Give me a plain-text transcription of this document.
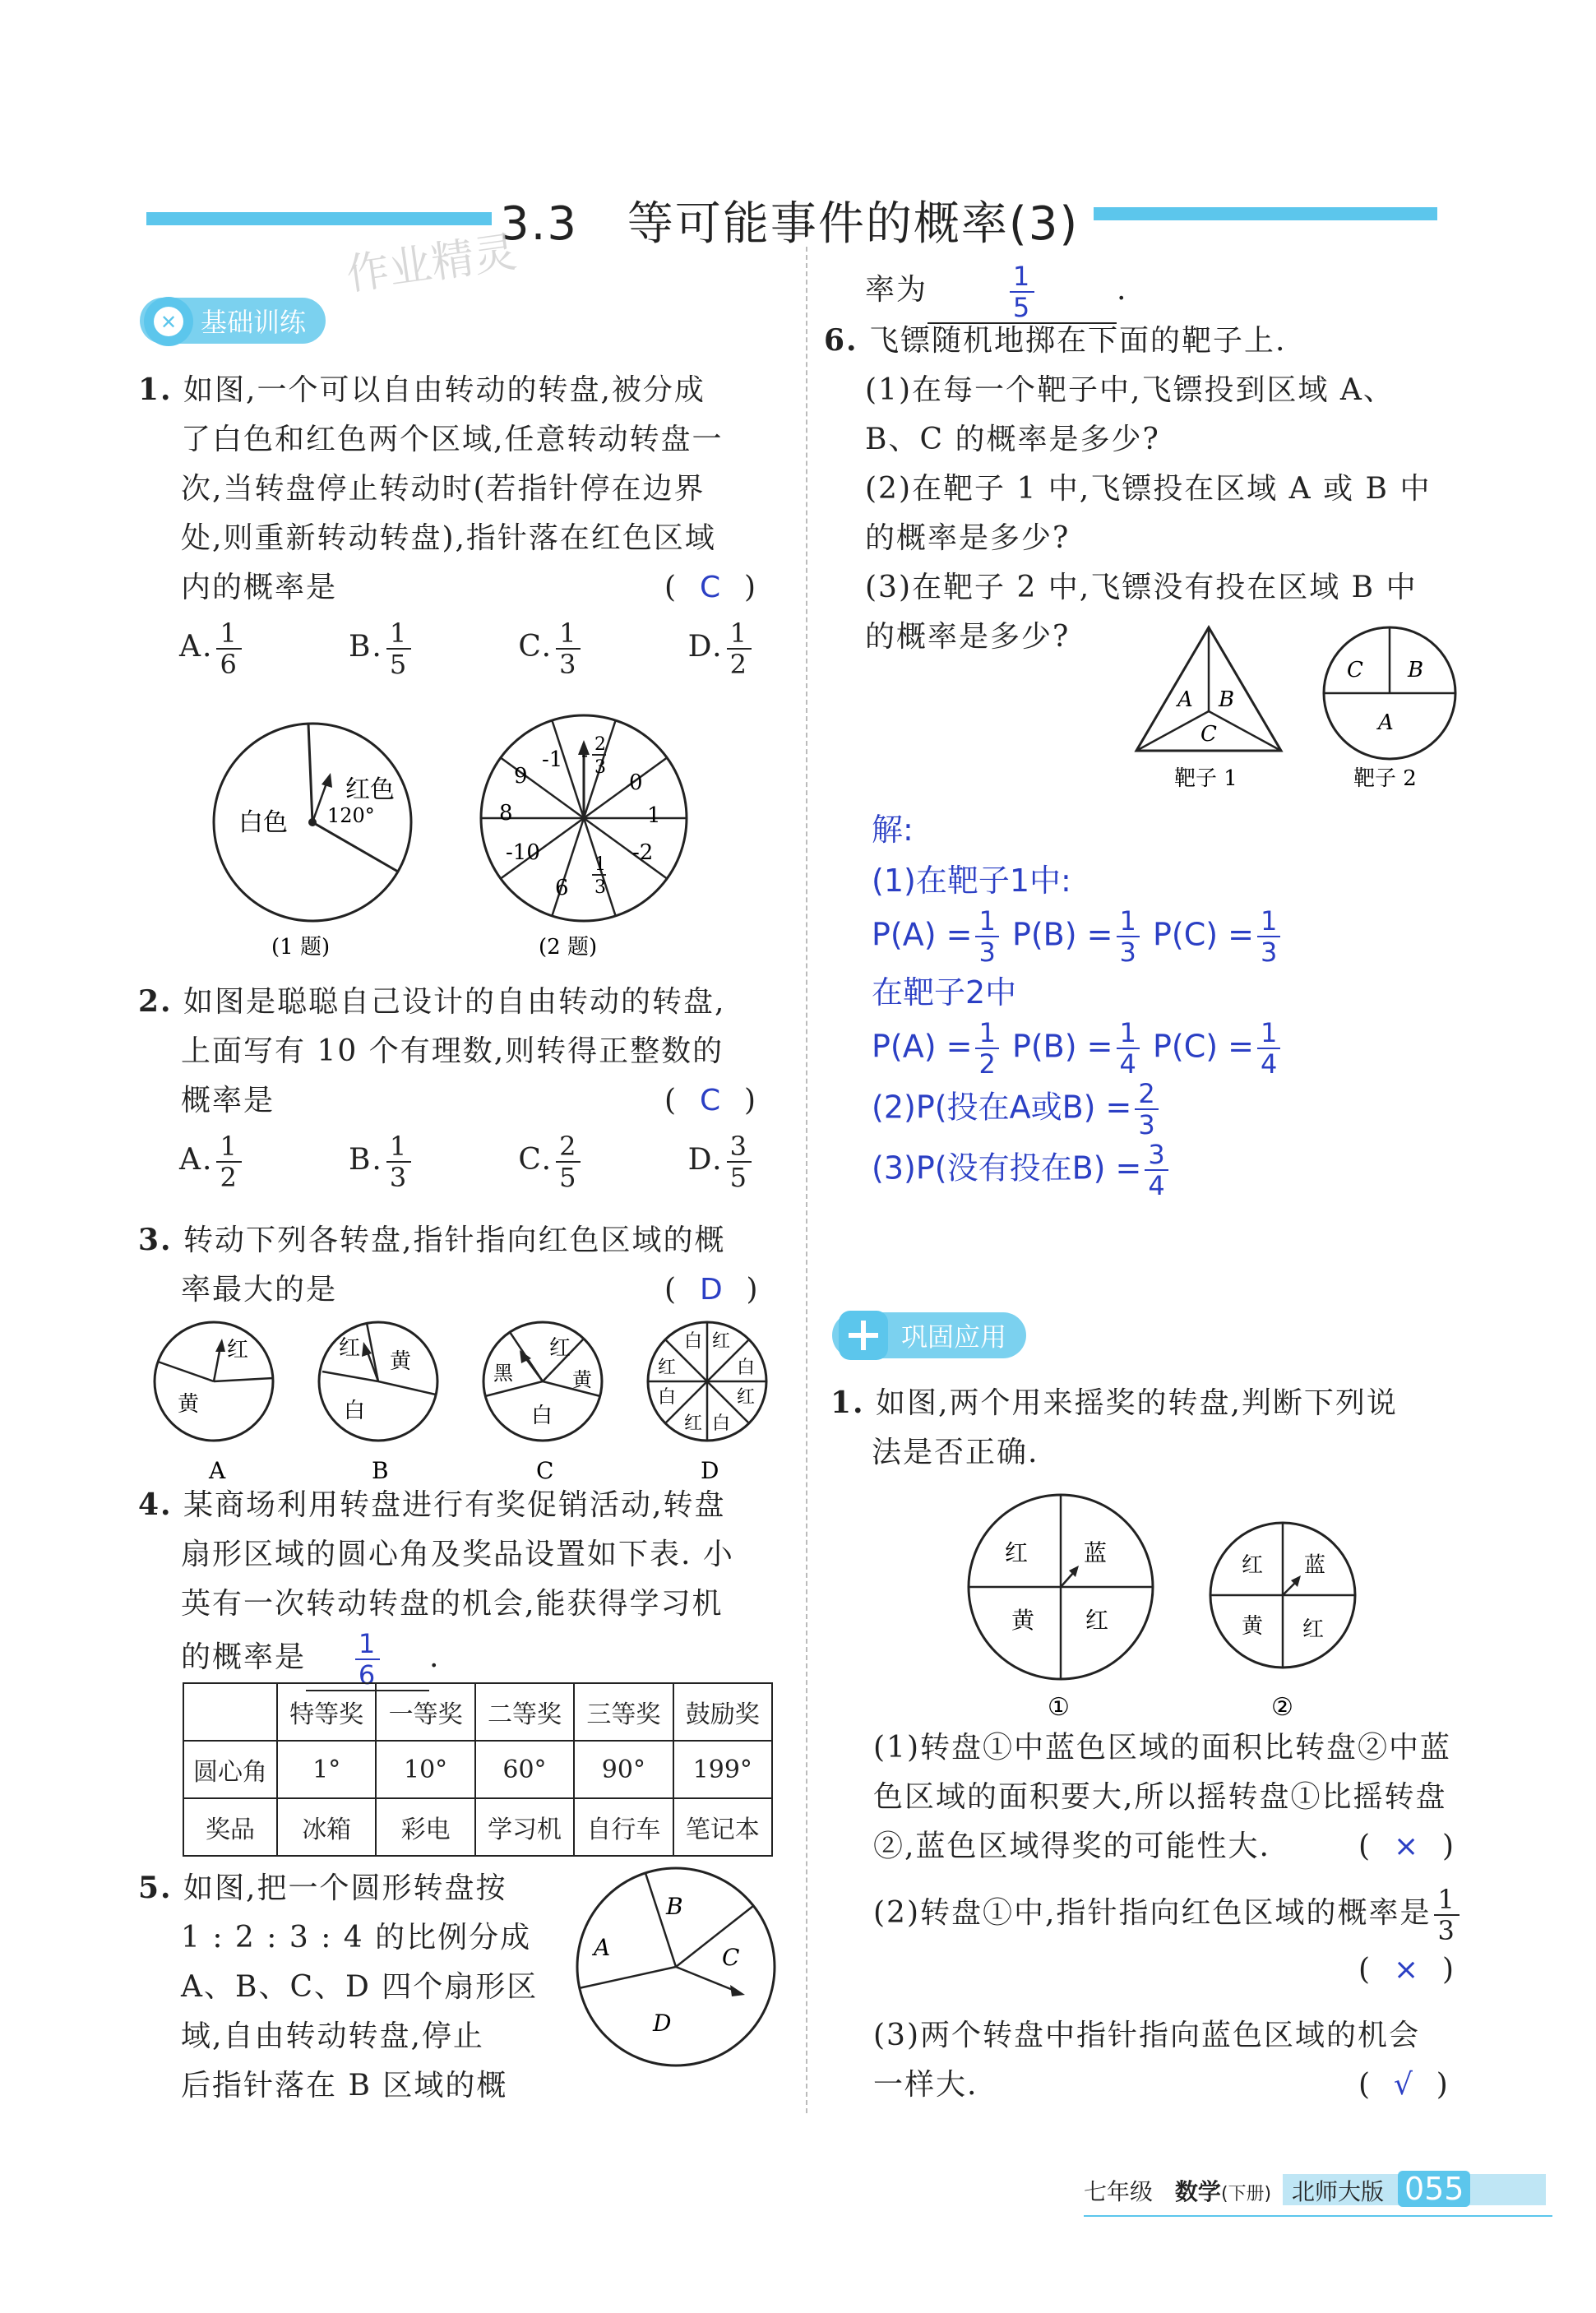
3.3 等可能事件的概率(3)
作业精灵
基础训练
✕
1. 如图,一个可以自由转动的转盘,被分成
了白色和红色两个区域,任意转动转盘一
次,当转盘停止转动时(若指针停在边界
处,则重新转动转盘),指针落在红色区域
内的概率是	(  C  )
A. $\frac{1}{6}$	B. $\frac{1}{5}$	C. $\frac{1}{3}$	D. $\frac{1}{2}$
白色
红色
120°
(1 题)
-1
0
1
-2
6
-10
8
9
- 2
3
1
3
(2 题)
2. 如图是聪聪自己设计的自由转动的转盘,
上面写有 10 个有理数,则转得正整数的
概率是	(  C  )
A. $\frac{1}{2}$	B. $\frac{1}{3}$	C. $\frac{2}{5}$	D. $\frac{3}{5}$
3. 转动下列各转盘,指针指向红色区域的概
率最大的是	(  D  )
红
黄
A
红
黄
白
B
红
黑	黄
白
C
白 红
白
红
白
红
白
红
D
4. 某商场利用转盘进行有奖促销活动,转盘
扇形区域的圆心角及奖品设置如下表. 小
英有一次转动转盘的机会,能获得学习机
的概率是 $\frac{1}{6}$ .
	特等奖	一等奖	二等奖	三等奖	鼓励奖
圆心角	1°	10°	60°	90°	199°
奖品	冰箱	彩电	学习机	自行车	笔记本
5. 如图,把一个圆形转盘按
1 : 2 : 3 : 4 的比例分成
A、B、C、D 四个扇形区
域,自由转动转盘,停止
后指针落在 B 区域的概
A
B
C
D
率为	$\frac{1}{5}$	.
6. 飞镖随机地掷在下面的靶子上.
(1)在每一个靶子中,飞镖投到区域 A、
B、C 的概率是多少?
(2)在靶子 1 中,飞镖投在区域 A 或 B 中
的概率是多少?
(3)在靶子 2 中,飞镖没有投在区域 B 中
的概率是多少?
A B
C
靶子 1
C B
A
靶子 2
解:
(1)在靶子1中:
$P(A) = \frac{1}{3} P(B) = \frac{1}{3} P(C) = \frac{1}{3}$
在靶子2中
$P(A) = \frac{1}{2} P(B) = \frac{1}{4} P(C) = \frac{1}{4}$
(2)P(投在A或$B) = \frac{2}{3}$
(3)P(没有投在$B) = \frac{3}{4}$
巩固应用
1. 如图,两个用来摇奖的转盘,判断下列说
法是否正确.
红 蓝
黄 红
①
红 蓝
黄 红
②
(1)转盘①中蓝色区域的面积比转盘②中蓝
色区域的面积要大,所以摇转盘①比摇转盘
②,蓝色区域得奖的可能性大.	(  ×  )
(2)转盘①中,指针指向红色区域的概率是 $\frac{1}{3}$
(  ×  )
(3)两个转盘中指针指向蓝色区域的机会
一样大.	(  √  )
七年级 数学(下册) 北师大版 055
